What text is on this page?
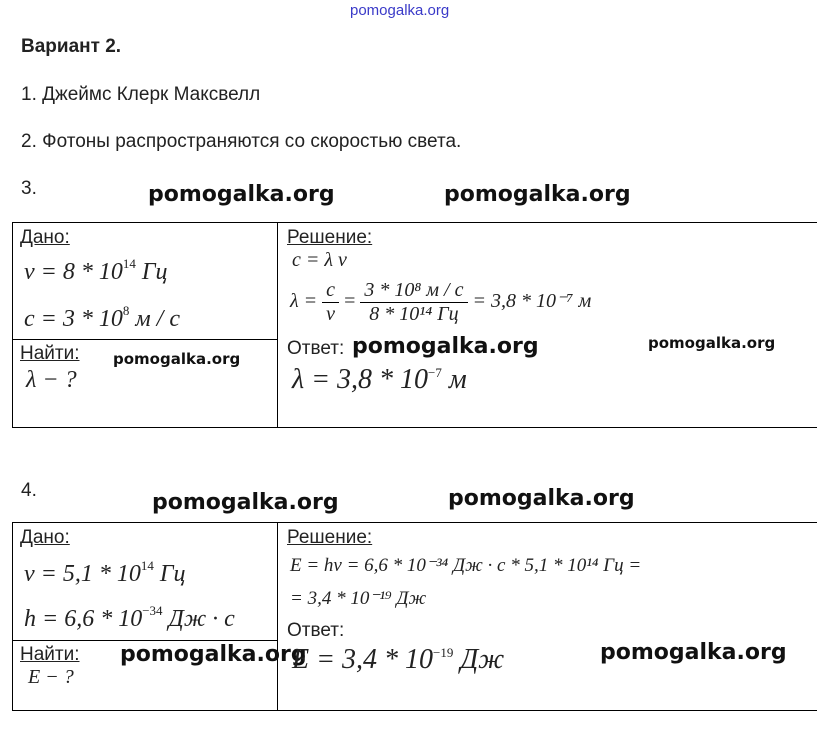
pomogalka.org
Вариант 2.
1. Джеймс Клерк Максвелл
2. Фотоны распространяются со скоростью света.
3.	pomogalka.org	pomogalka.org
Дано:
$\nu = 8 * 10^{14}$ Гц
$c = 3 * 10^8$ м / с
Найти:
λ − ?
pomogalka.org
Решение:
c = λ ν
$\lambda = \frac{c}{\nu} = \frac{\text{3 * 10⁸ м / с}}{\text{8 * 10¹⁴ Гц}} = 3,8 * 10^{-7}$ м
Ответ: pomogalka.org	pomogalka.org
$\lambda = 3,8 * 10^{-7}$ м
4.	pomogalka.org	pomogalka.org
Дано:
$\nu = 5,1 * 10^{14}$ Гц
$h = 6,6 * 10^{-34}$ Дж · с
Найти:
E − ?
pomogalka.org
Решение:
E = hν = 6,6 * 10⁻³⁴ Дж · с * 5,1 * 10¹⁴ Гц =
= 3,4 * 10⁻¹⁹ Дж
Ответ:
$E = 3,4 * 10^{-19}$ Дж	pomogalka.org
